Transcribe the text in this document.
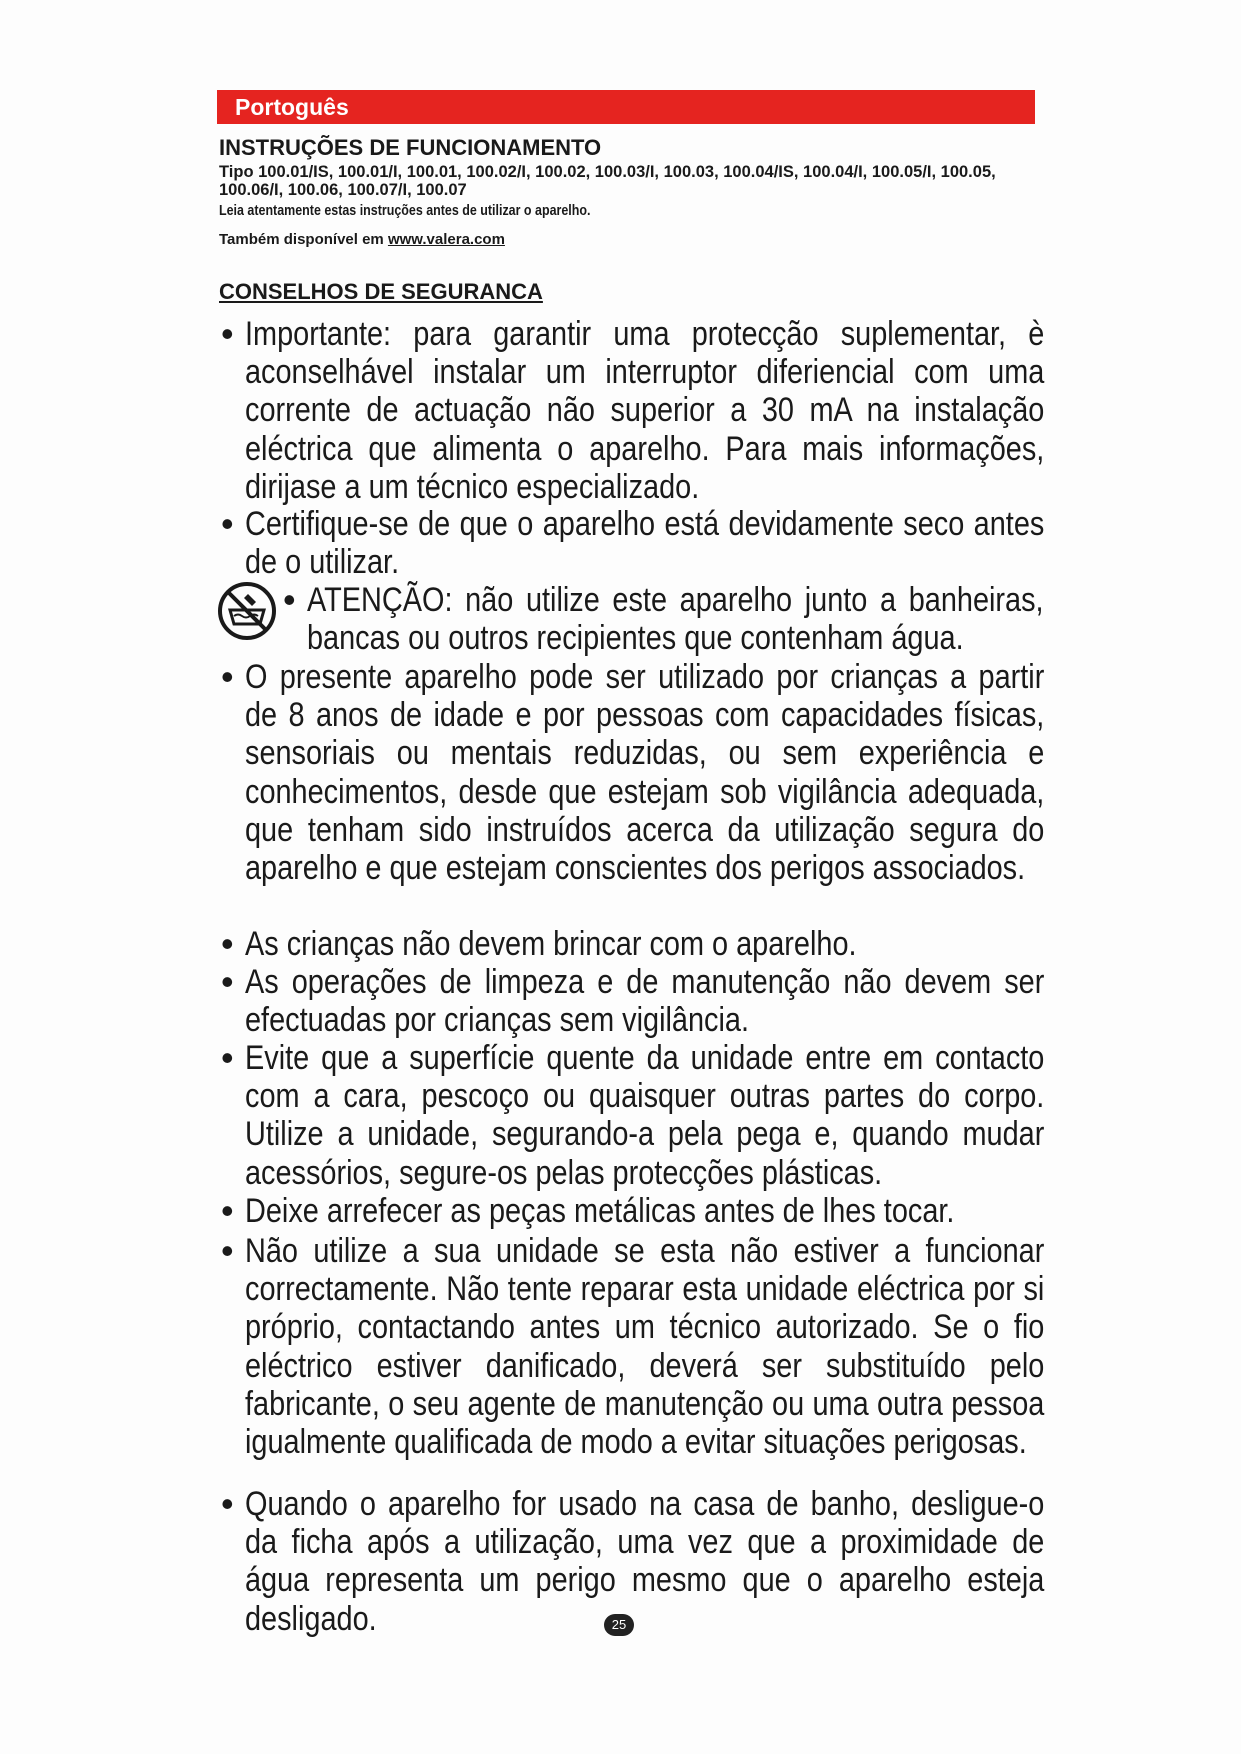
Portoguês
INSTRUÇÕES DE FUNCIONAMENTO

Tipo 100.01/IS, 100.01/I, 100.01, 100.02/I, 100.02, 100.03/I, 100.03, 100.04/IS, 100.04/I, 100.05/I, 100.05, 100.06/I, 100.06, 100.07/I, 100.07

Leia atentamente estas instruções antes de utilizar o aparelho.

Também disponível em www.valera.com

CONSELHOS DE SEGURANCA
• Importante: para garantir uma protecção suplementar, è aconselhável instalar um interruptor diferiencial com uma corrente de actuação não superior a 30 mA na instalação eléctrica que alimenta o aparelho. Para mais informações, dirijase a um técnico especializado.
• Certifique-se de que o aparelho está devidamente seco antes de o utilizar.
• ATENÇÃO: não utilize este aparelho junto a banheiras, bancas ou outros recipientes que contenham água.
• O presente aparelho pode ser utilizado por crianças a partir de 8 anos de idade e por pessoas com capacidades físicas, sensoriais ou mentais reduzidas, ou sem experiência e conhecimentos, desde que estejam sob vigilância adequada, que tenham sido instruídos acerca da utilização segura do aparelho e que estejam conscientes dos perigos associados.
• As crianças não devem brincar com o aparelho.
• As operações de limpeza e de manutenção não devem ser efectuadas por crianças sem vigilância.
• Evite que a superfície quente da unidade entre em contacto com a cara, pescoço ou quaisquer outras partes do corpo. Utilize a unidade, segurando-a pela pega e, quando mudar acessórios, segure-os pelas protecções plásticas.
• Deixe arrefecer as peças metálicas antes de lhes tocar.
• Não utilize a sua unidade se esta não estiver a funcionar correctamente. Não tente reparar esta unidade eléctrica por si próprio, contactando antes um técnico autorizado. Se o fio eléctrico estiver danificado, deverá ser substituído pelo fabricante, o seu agente de manutenção ou uma outra pessoa igualmente qualificada de modo a evitar situações perigosas.
• Quando o aparelho for usado na casa de banho, desligue-o da ficha após a utilização, uma vez que a proximidade de água representa um perigo mesmo que o aparelho esteja desligado.	25
